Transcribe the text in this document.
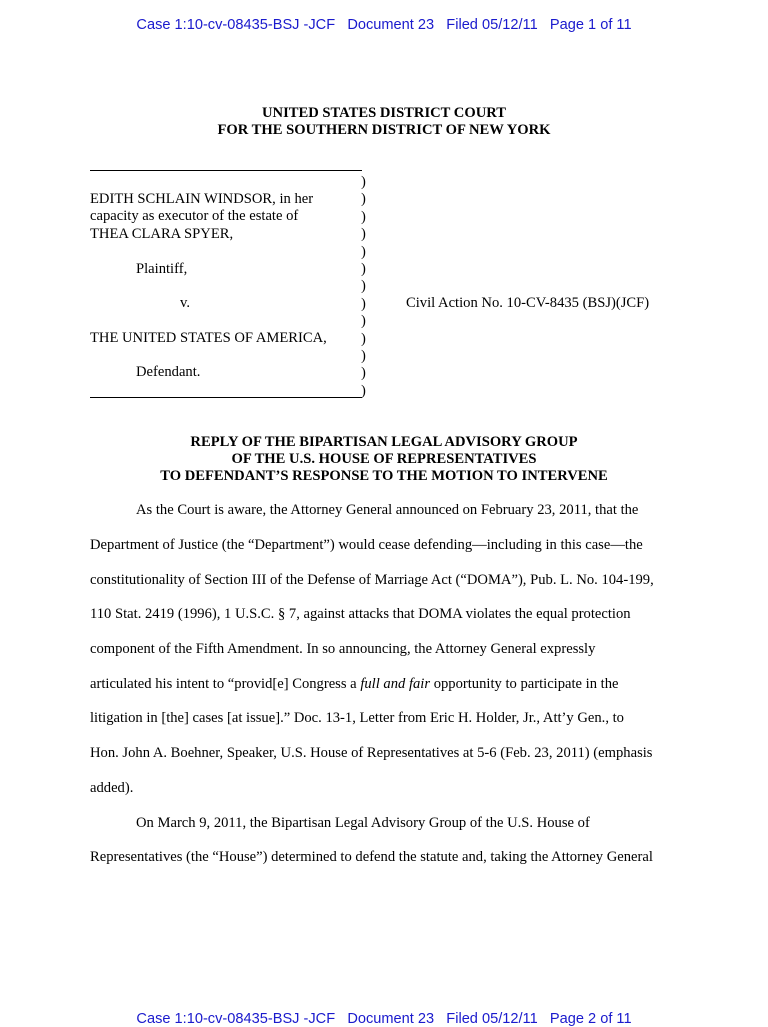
Case 1:10-cv-08435-BSJ -JCF Document 23 Filed 05/12/11 Page 1 of 11
UNITED STATES DISTRICT COURT
FOR THE SOUTHERN DISTRICT OF NEW YORK
EDITH SCHLAIN WINDSOR, in her
capacity as executor of the estate of
THEA CLARA SPYER,
Plaintiff,
v.
THE UNITED STATES OF AMERICA,
Defendant.
Civil Action No. 10-CV-8435 (BSJ)(JCF)
)
)
)
)
)
)
)
)
)
)
)
)
)
REPLY OF THE BIPARTISAN LEGAL ADVISORY GROUP
OF THE U.S. HOUSE OF REPRESENTATIVES
TO DEFENDANT’S RESPONSE TO THE MOTION TO INTERVENE
As the Court is aware, the Attorney General announced on February 23, 2011, that the
Department of Justice (the “Department”) would cease defending—including in this case—the
constitutionality of Section III of the Defense of Marriage Act (“DOMA”), Pub. L. No. 104-199,
110 Stat. 2419 (1996), 1 U.S.C. § 7, against attacks that DOMA violates the equal protection
component of the Fifth Amendment. In so announcing, the Attorney General expressly
articulated his intent to “provid[e] Congress a full and fair opportunity to participate in the
litigation in [the] cases [at issue].” Doc. 13-1, Letter from Eric H. Holder, Jr., Att’y Gen., to
Hon. John A. Boehner, Speaker, U.S. House of Representatives at 5-6 (Feb. 23, 2011) (emphasis
added).
On March 9, 2011, the Bipartisan Legal Advisory Group of the U.S. House of
Representatives (the “House”) determined to defend the statute and, taking the Attorney General
Case 1:10-cv-08435-BSJ -JCF Document 23 Filed 05/12/11 Page 2 of 11
